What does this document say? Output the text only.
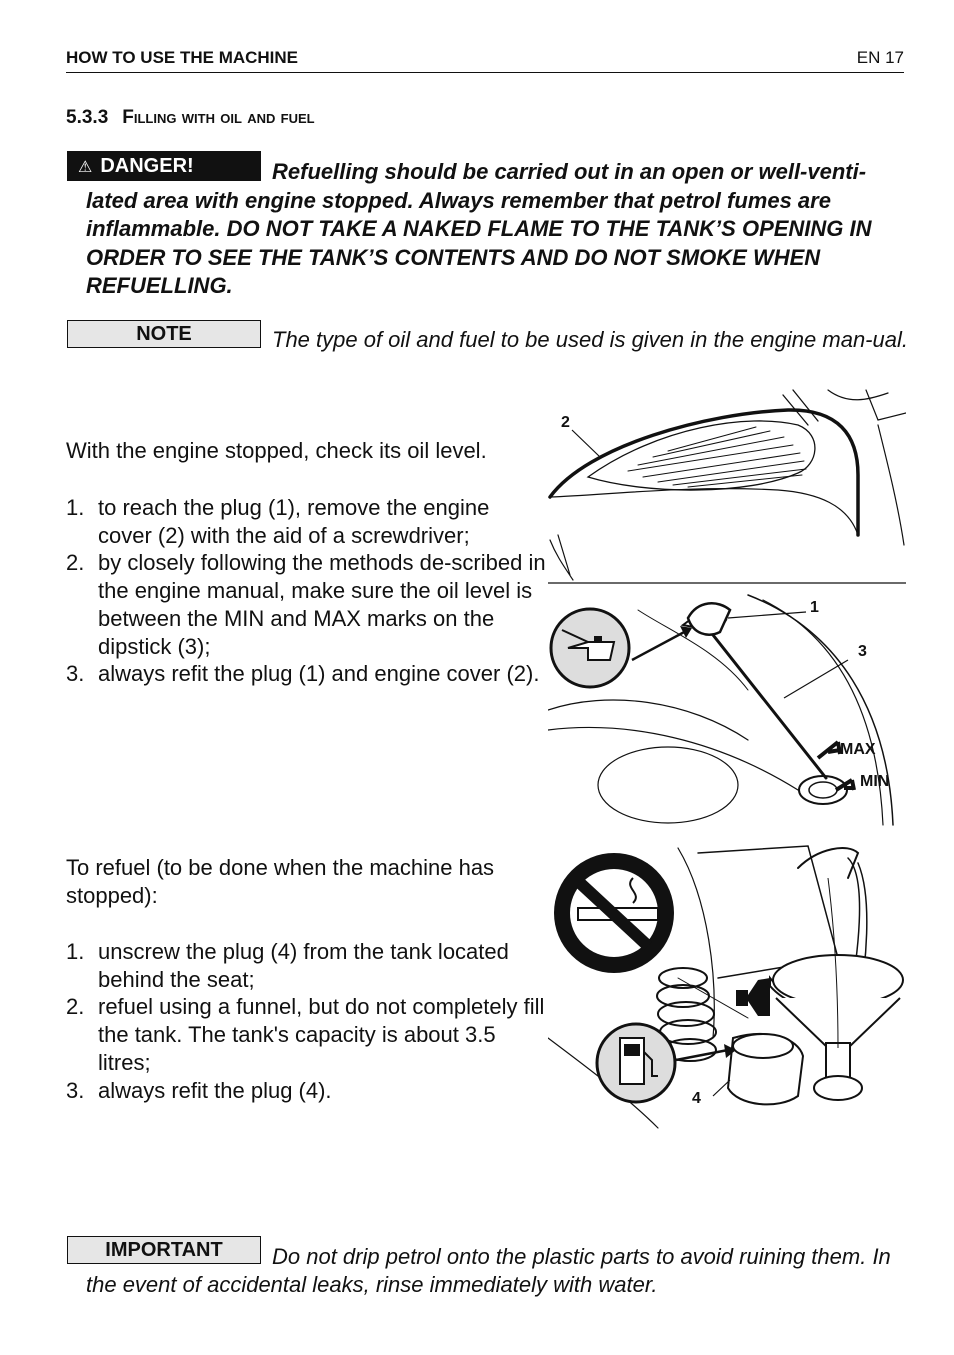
HOW TO USE THE MACHINE	EN 17
5.3.3 Filling with oil and fuel
⚠ DANGER!	Refuelling should be carried out in an open or well-venti-lated area with engine stopped. Always remember that petrol fumes are inflammable. DO NOT TAKE A NAKED FLAME TO THE TANK’S OPENING IN ORDER TO SEE THE TANK’S CONTENTS AND DO NOT SMOKE WHEN REFUELLING.
NOTE	The type of oil and fuel to be used is given in the engine man-ual.
With the engine stopped, check its oil level.
1. to reach the plug (1), remove the engine cover (2) with the aid of a screwdriver;
2. by closely following the methods de-scribed in the engine manual, make sure the oil level is between the MIN and MAX marks on the dipstick (3);
3. always refit the plug (1) and engine cover (2).
To refuel (to be done when the machine has stopped):
1. unscrew the plug (4) from the tank located behind the seat;
2. refuel using a funnel, but do not completely fill the tank. The tank's capacity is about 3.5 litres;
3. always refit the plug (4).
2
1
3
MAX
MIN
4
IMPORTANT	Do not drip petrol onto the plastic parts to avoid ruining them. In the event of accidental leaks, rinse immediately with water.
